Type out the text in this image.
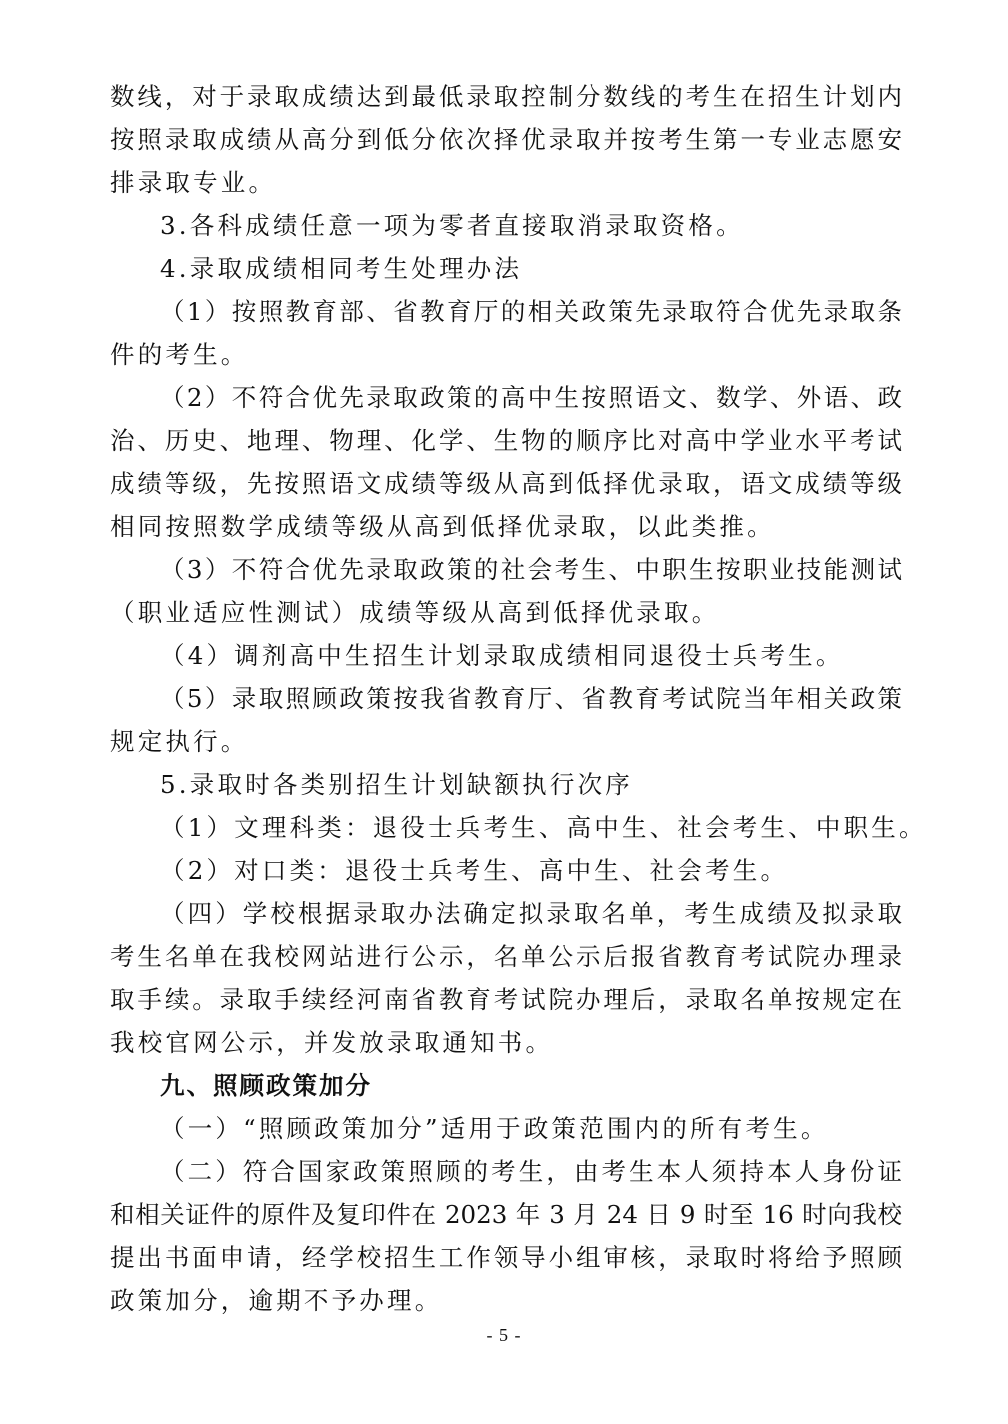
数线，对于录取成绩达到最低录取控制分数线的考生在招生计划内
按照录取成绩从高分到低分依次择优录取并按考生第一专业志愿安
排录取专业。
3.各科成绩任意一项为零者直接取消录取资格。
4.录取成绩相同考生处理办法
（1）按照教育部、省教育厅的相关政策先录取符合优先录取条
件的考生。
（2）不符合优先录取政策的高中生按照语文、数学、外语、政
治、历史、地理、物理、化学、生物的顺序比对高中学业水平考试
成绩等级，先按照语文成绩等级从高到低择优录取，语文成绩等级
相同按照数学成绩等级从高到低择优录取，以此类推。
（3）不符合优先录取政策的社会考生、中职生按职业技能测试
（职业适应性测试）成绩等级从高到低择优录取。
（4）调剂高中生招生计划录取成绩相同退役士兵考生。
（5）录取照顾政策按我省教育厅、省教育考试院当年相关政策
规定执行。
5.录取时各类别招生计划缺额执行次序
（1）文理科类：退役士兵考生、高中生、社会考生、中职生。
（2）对口类：退役士兵考生、高中生、社会考生。
（四）学校根据录取办法确定拟录取名单，考生成绩及拟录取
考生名单在我校网站进行公示，名单公示后报省教育考试院办理录
取手续。录取手续经河南省教育考试院办理后，录取名单按规定在
我校官网公示，并发放录取通知书。
九、照顾政策加分
（一）“照顾政策加分”适用于政策范围内的所有考生。
（二）符合国家政策照顾的考生，由考生本人须持本人身份证
和相关证件的原件及复印件在 2023 年 3 月 24 日 9 时至 16 时向我校
提出书面申请，经学校招生工作领导小组审核，录取时将给予照顾
政策加分，逾期不予办理。
- 5 -
